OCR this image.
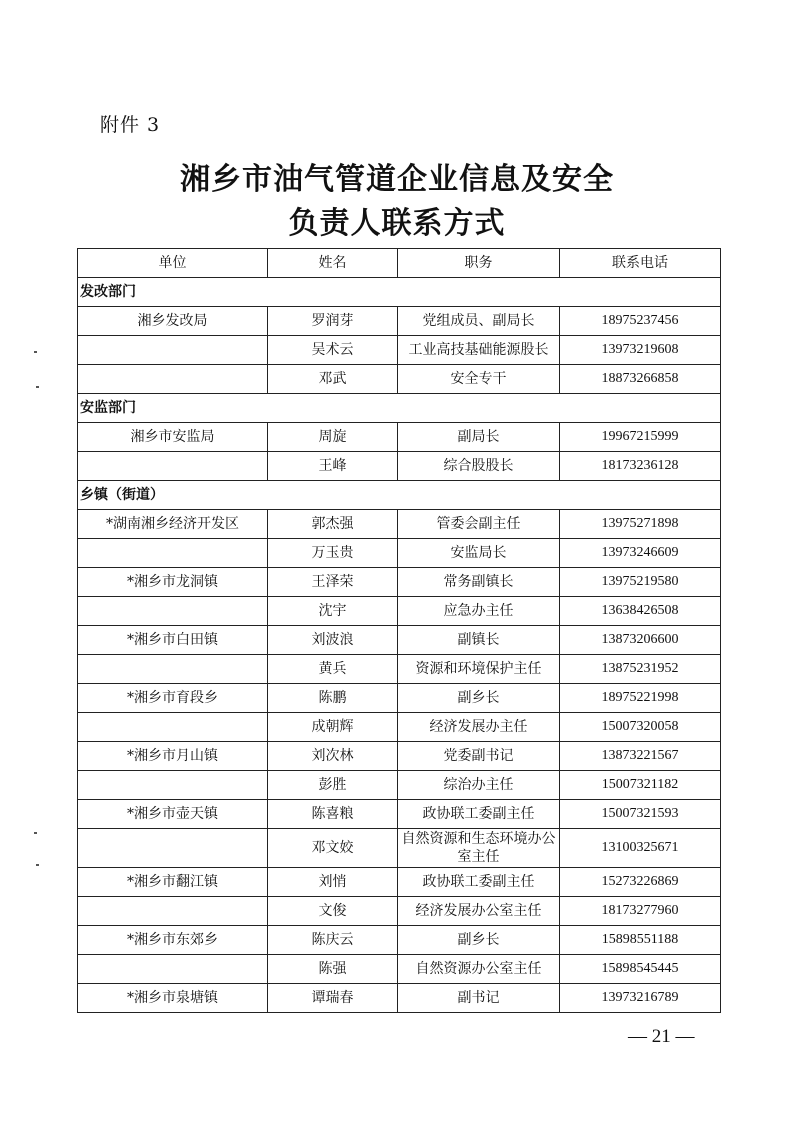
附件 3
湘乡市油气管道企业信息及安全
负责人联系方式
单位	姓名	职务	联系电话
发改部门			
湘乡发改局	罗润芽	党组成员、副局长	18975237456
	吴术云	工业高技基础能源股长	13973219608
	邓武	安全专干	18873266858
安监部门			
湘乡市安监局	周旋	副局长	19967215999
	王峰	综合股股长	18173236128
乡镇（街道）			
*湖南湘乡经济开发区	郭杰强	管委会副主任	13975271898
	万玉贵	安监局长	13973246609
*湘乡市龙洞镇	王泽荣	常务副镇长	13975219580
	沈宇	应急办主任	13638426508
*湘乡市白田镇	刘波浪	副镇长	13873206600
	黄兵	资源和环境保护主任	13875231952
*湘乡市育段乡	陈鹏	副乡长	18975221998
	成朝辉	经济发展办主任	15007320058
*湘乡市月山镇	刘次林	党委副书记	13873221567
	彭胜	综治办主任	15007321182
*湘乡市壶天镇	陈喜粮	政协联工委副主任	15007321593
	邓文姣	自然资源和生态环境办公室主任	13100325671
*湘乡市翻江镇	刘悄	政协联工委副主任	15273226869
	文俊	经济发展办公室主任	18173277960
*湘乡市东郊乡	陈庆云	副乡长	15898551188
	陈强	自然资源办公室主任	15898545445
*湘乡市泉塘镇	谭瑞春	副书记	13973216789
— 21 —
